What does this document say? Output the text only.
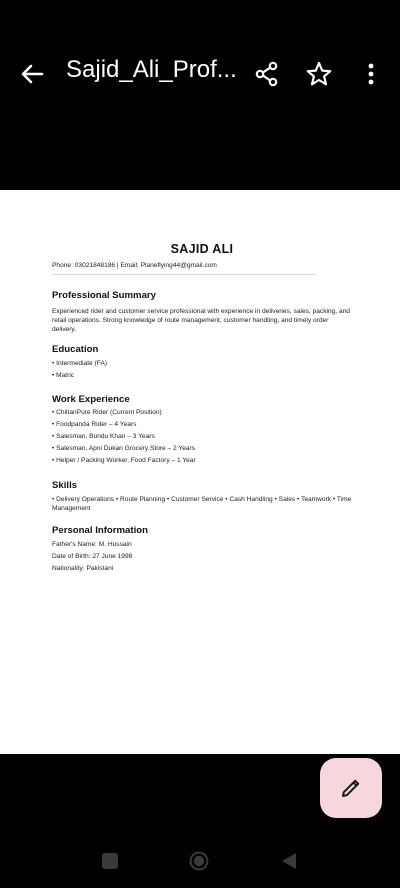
Sajid_Ali_Prof...
SAJID ALI
Phone: 03021848186 | Email: Planeflying44@gmail.com
Professional Summary
Experienced rider and customer service professional with experience in deliveries, sales, packing, and retail operations. Strong knowledge of route management, customer handling, and timely order delivery.
Education
• Intermediate (FA)
• Matric
Work Experience
• ChiltanPure Rider (Current Position)
• Foodpanda Rider – 4 Years
• Salesman, Bundu Khan – 3 Years
• Salesman, Apni Dukan Grocery Store – 2 Years
• Helper / Packing Worker, Food Factory – 1 Year
Skills
• Delivery Operations • Route Planning • Customer Service • Cash Handling • Sales • Teamwork • Time Management
Personal Information
Father's Name: M. Hussain
Date of Birth: 27 June 1998
Nationality: Pakistani
